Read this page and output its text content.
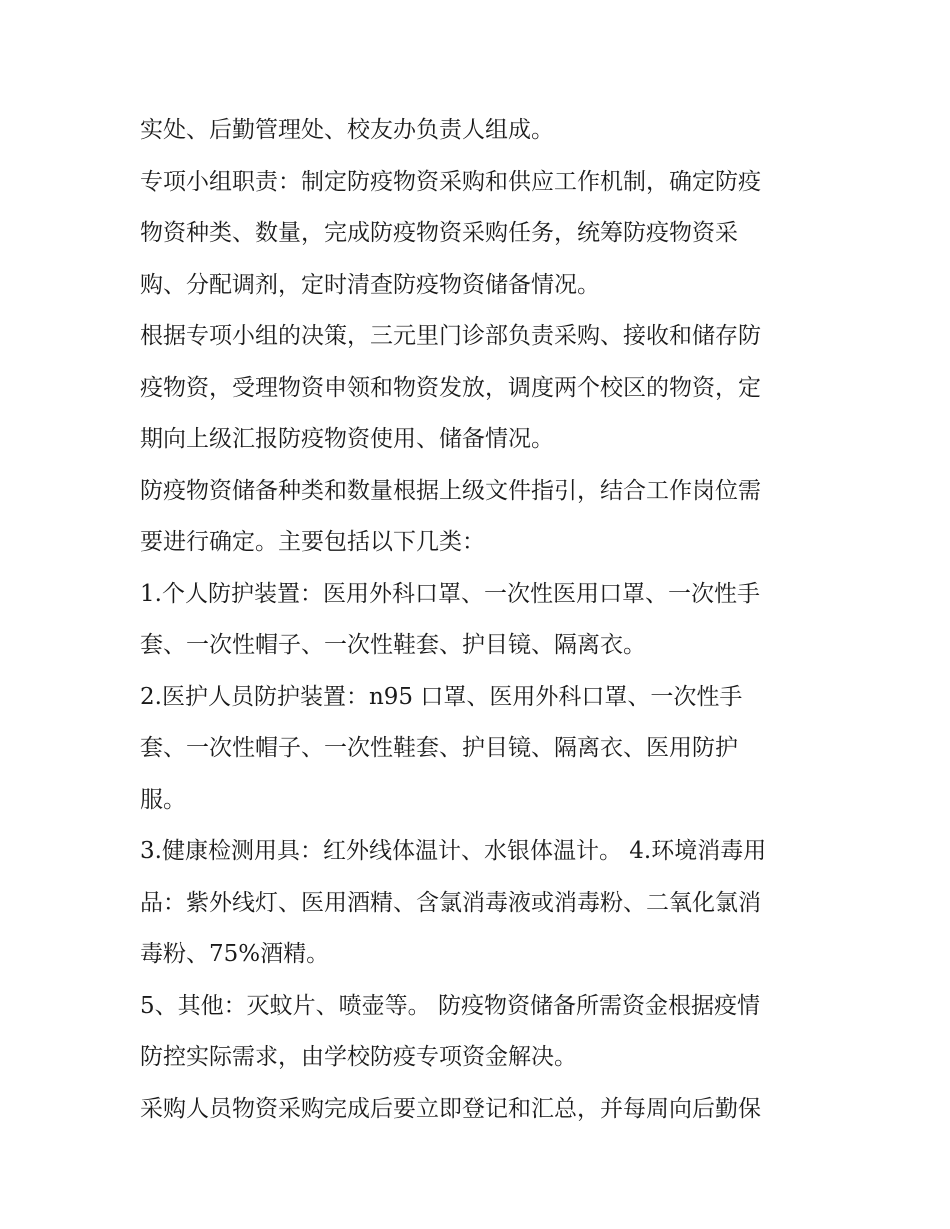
实处、后勤管理处、校友办负责人组成。
专项小组职责：制定防疫物资采购和供应工作机制，确定防疫
物资种类、数量，完成防疫物资采购任务，统筹防疫物资采
购、分配调剂，定时清查防疫物资储备情况。
根据专项小组的决策，三元里门诊部负责采购、接收和储存防
疫物资，受理物资申领和物资发放，调度两个校区的物资，定
期向上级汇报防疫物资使用、储备情况。
防疫物资储备种类和数量根据上级文件指引，结合工作岗位需
要进行确定。主要包括以下几类：
1.个人防护装置：医用外科口罩、一次性医用口罩、一次性手
套、一次性帽子、一次性鞋套、护目镜、隔离衣。
2.医护人员防护装置：n95 口罩、医用外科口罩、一次性手
套、一次性帽子、一次性鞋套、护目镜、隔离衣、医用防护
服。
3.健康检测用具：红外线体温计、水银体温计。 4.环境消毒用
品：紫外线灯、医用酒精、含氯消毒液或消毒粉、二氧化氯消
毒粉、75%酒精。
5、其他：灭蚊片、喷壶等。 防疫物资储备所需资金根据疫情
防控实际需求，由学校防疫专项资金解决。
采购人员物资采购完成后要立即登记和汇总，并每周向后勤保
